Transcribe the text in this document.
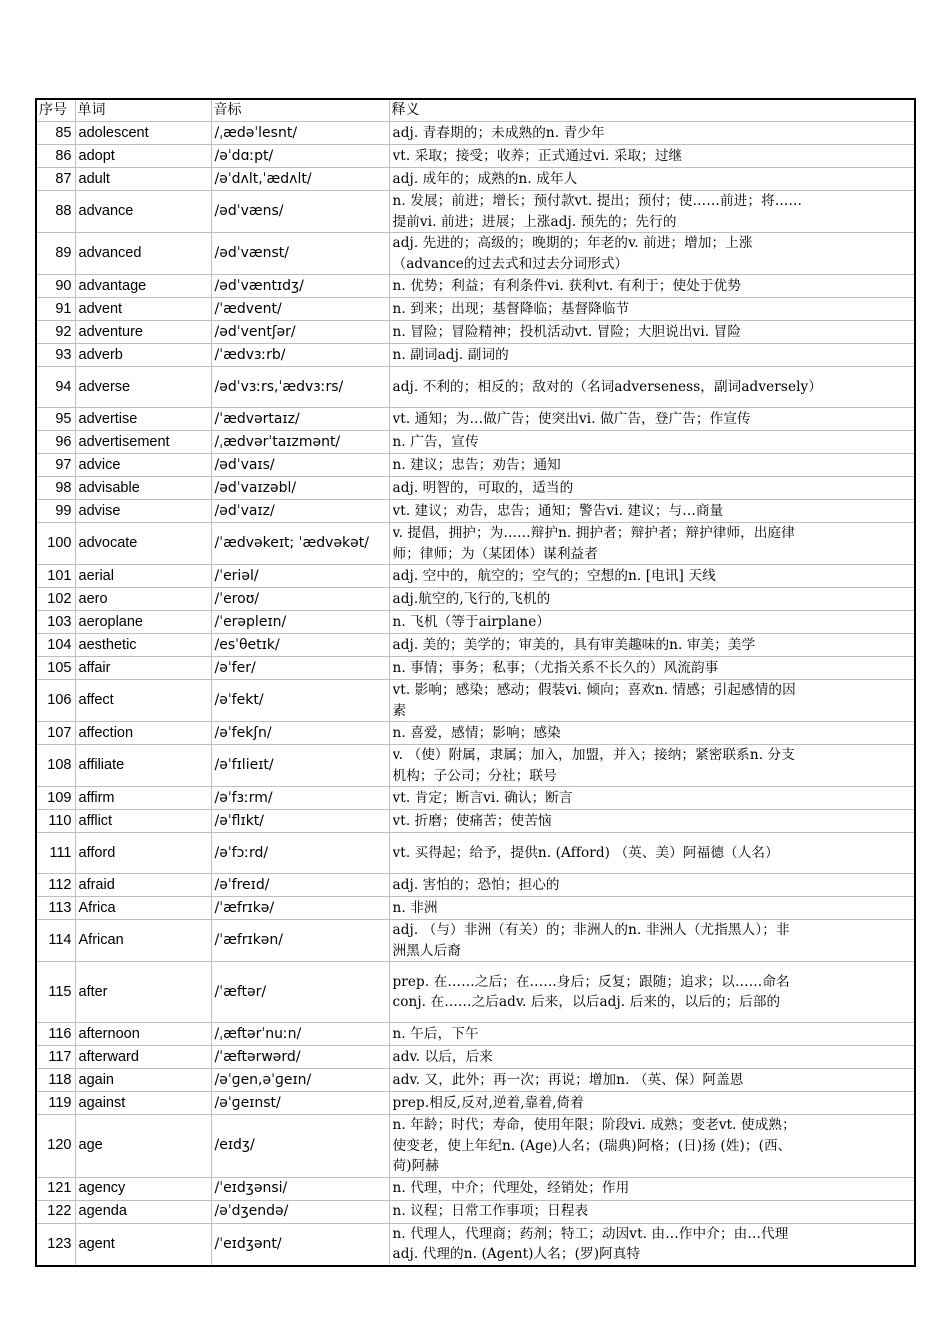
序号	单词	音标	释义
85	adolescent	/ˌædəˈlesnt/	adj. 青春期的；未成熟的n. 青少年

86	adopt	/əˈdɑːpt/	vt. 采取；接受；收养；正式通过vi. 采取；过继

87	adult	/əˈdʌlt,ˈædʌlt/	adj. 成年的；成熟的n. 成年人

88	advance	/ədˈvæns/	n. 发展；前进；增长；预付款vt. 提出；预付；使……前进；将……
提前vi. 前进；进展；上涨adj. 预先的；先行的

89	advanced	/ədˈvænst/	adj. 先进的；高级的；晚期的；年老的v. 前进；增加；上涨
（advance的过去式和过去分词形式）

90	advantage	/ədˈvæntɪdʒ/	n. 优势；利益；有利条件vi. 获利vt. 有利于；使处于优势

91	advent	/ˈædvent/	n. 到来；出现；基督降临；基督降临节

92	adventure	/ədˈventʃər/	n. 冒险；冒险精神；投机活动vt. 冒险；大胆说出vi. 冒险

93	adverb	/ˈædvɜːrb/	n. 副词adj. 副词的

94	adverse	/ədˈvɜːrs,ˈædvɜːrs/	adj. 不利的；相反的；敌对的（名词adverseness，副词adversely）

95	advertise	/ˈædvərtaɪz/	vt. 通知；为…做广告；使突出vi. 做广告，登广告；作宣传

96	advertisement	/ˌædvərˈtaɪzmənt/	n. 广告，宣传

97	advice	/ədˈvaɪs/	n. 建议；忠告；劝告；通知

98	advisable	/ədˈvaɪzəbl/	adj. 明智的，可取的，适当的

99	advise	/ədˈvaɪz/	vt. 建议；劝告，忠告；通知；警告vi. 建议；与…商量

100	advocate	/ˈædvəkeɪt; ˈædvəkət/	v. 提倡，拥护；为……辩护n. 拥护者；辩护者；辩护律师，出庭律
师；律师；为（某团体）谋利益者

101	aerial	/ˈeriəl/	adj. 空中的，航空的；空气的；空想的n. [电讯] 天线

102	aero	/ˈeroʊ/	adj.航空的,飞行的,飞机的

103	aeroplane	/ˈerəpleɪn/	n. 飞机（等于airplane）

104	aesthetic	/esˈθetɪk/	adj. 美的；美学的；审美的，具有审美趣味的n. 审美；美学

105	affair	/əˈfer/	n. 事情；事务；私事；（尤指关系不长久的）风流韵事

106	affect	/əˈfekt/	vt. 影响；感染；感动；假装vi. 倾向；喜欢n. 情感；引起感情的因
素

107	affection	/əˈfekʃn/	n. 喜爱，感情；影响；感染

108	affiliate	/əˈfɪlieɪt/	v. （使）附属，隶属；加入，加盟，并入；接纳；紧密联系n. 分支
机构；子公司；分社；联号

109	affirm	/əˈfɜːrm/	vt. 肯定；断言vi. 确认；断言

110	afflict	/əˈflɪkt/	vt. 折磨；使痛苦；使苦恼

111	afford	/əˈfɔːrd/	vt. 买得起；给予，提供n. (Afford) （英、美）阿福德（人名）

112	afraid	/əˈfreɪd/	adj. 害怕的；恐怕；担心的

113	Africa	/ˈæfrɪkə/	n. 非洲

114	African	/ˈæfrɪkən/	adj. （与）非洲（有关）的；非洲人的n. 非洲人（尤指黑人）；非
洲黑人后裔

115	after	/ˈæftər/	prep. 在……之后；在……身后；反复；跟随；追求；以……命名
conj. 在……之后adv. 后来，以后adj. 后来的，以后的；后部的

116	afternoon	/ˌæftərˈnuːn/	n. 午后，下午

117	afterward	/ˈæftərwərd/	adv. 以后，后来

118	again	/əˈɡen,əˈɡeɪn/	adv. 又，此外；再一次；再说；增加n. （英、保）阿盖恩

119	against	/əˈɡeɪnst/	prep.相反,反对,逆着,靠着,倚着

120	age	/eɪdʒ/	n. 年龄；时代；寿命，使用年限；阶段vi. 成熟；变老vt. 使成熟；
使变老，使上年纪n. (Age)人名；(瑞典)阿格；(日)扬 (姓)；(西、
荷)阿赫

121	agency	/ˈeɪdʒənsi/	n. 代理，中介；代理处，经销处；作用

122	agenda	/əˈdʒendə/	n. 议程；日常工作事项；日程表

123	agent	/ˈeɪdʒənt/	n. 代理人，代理商；药剂；特工；动因vt. 由…作中介；由…代理
adj. 代理的n. (Agent)人名；(罗)阿真特
